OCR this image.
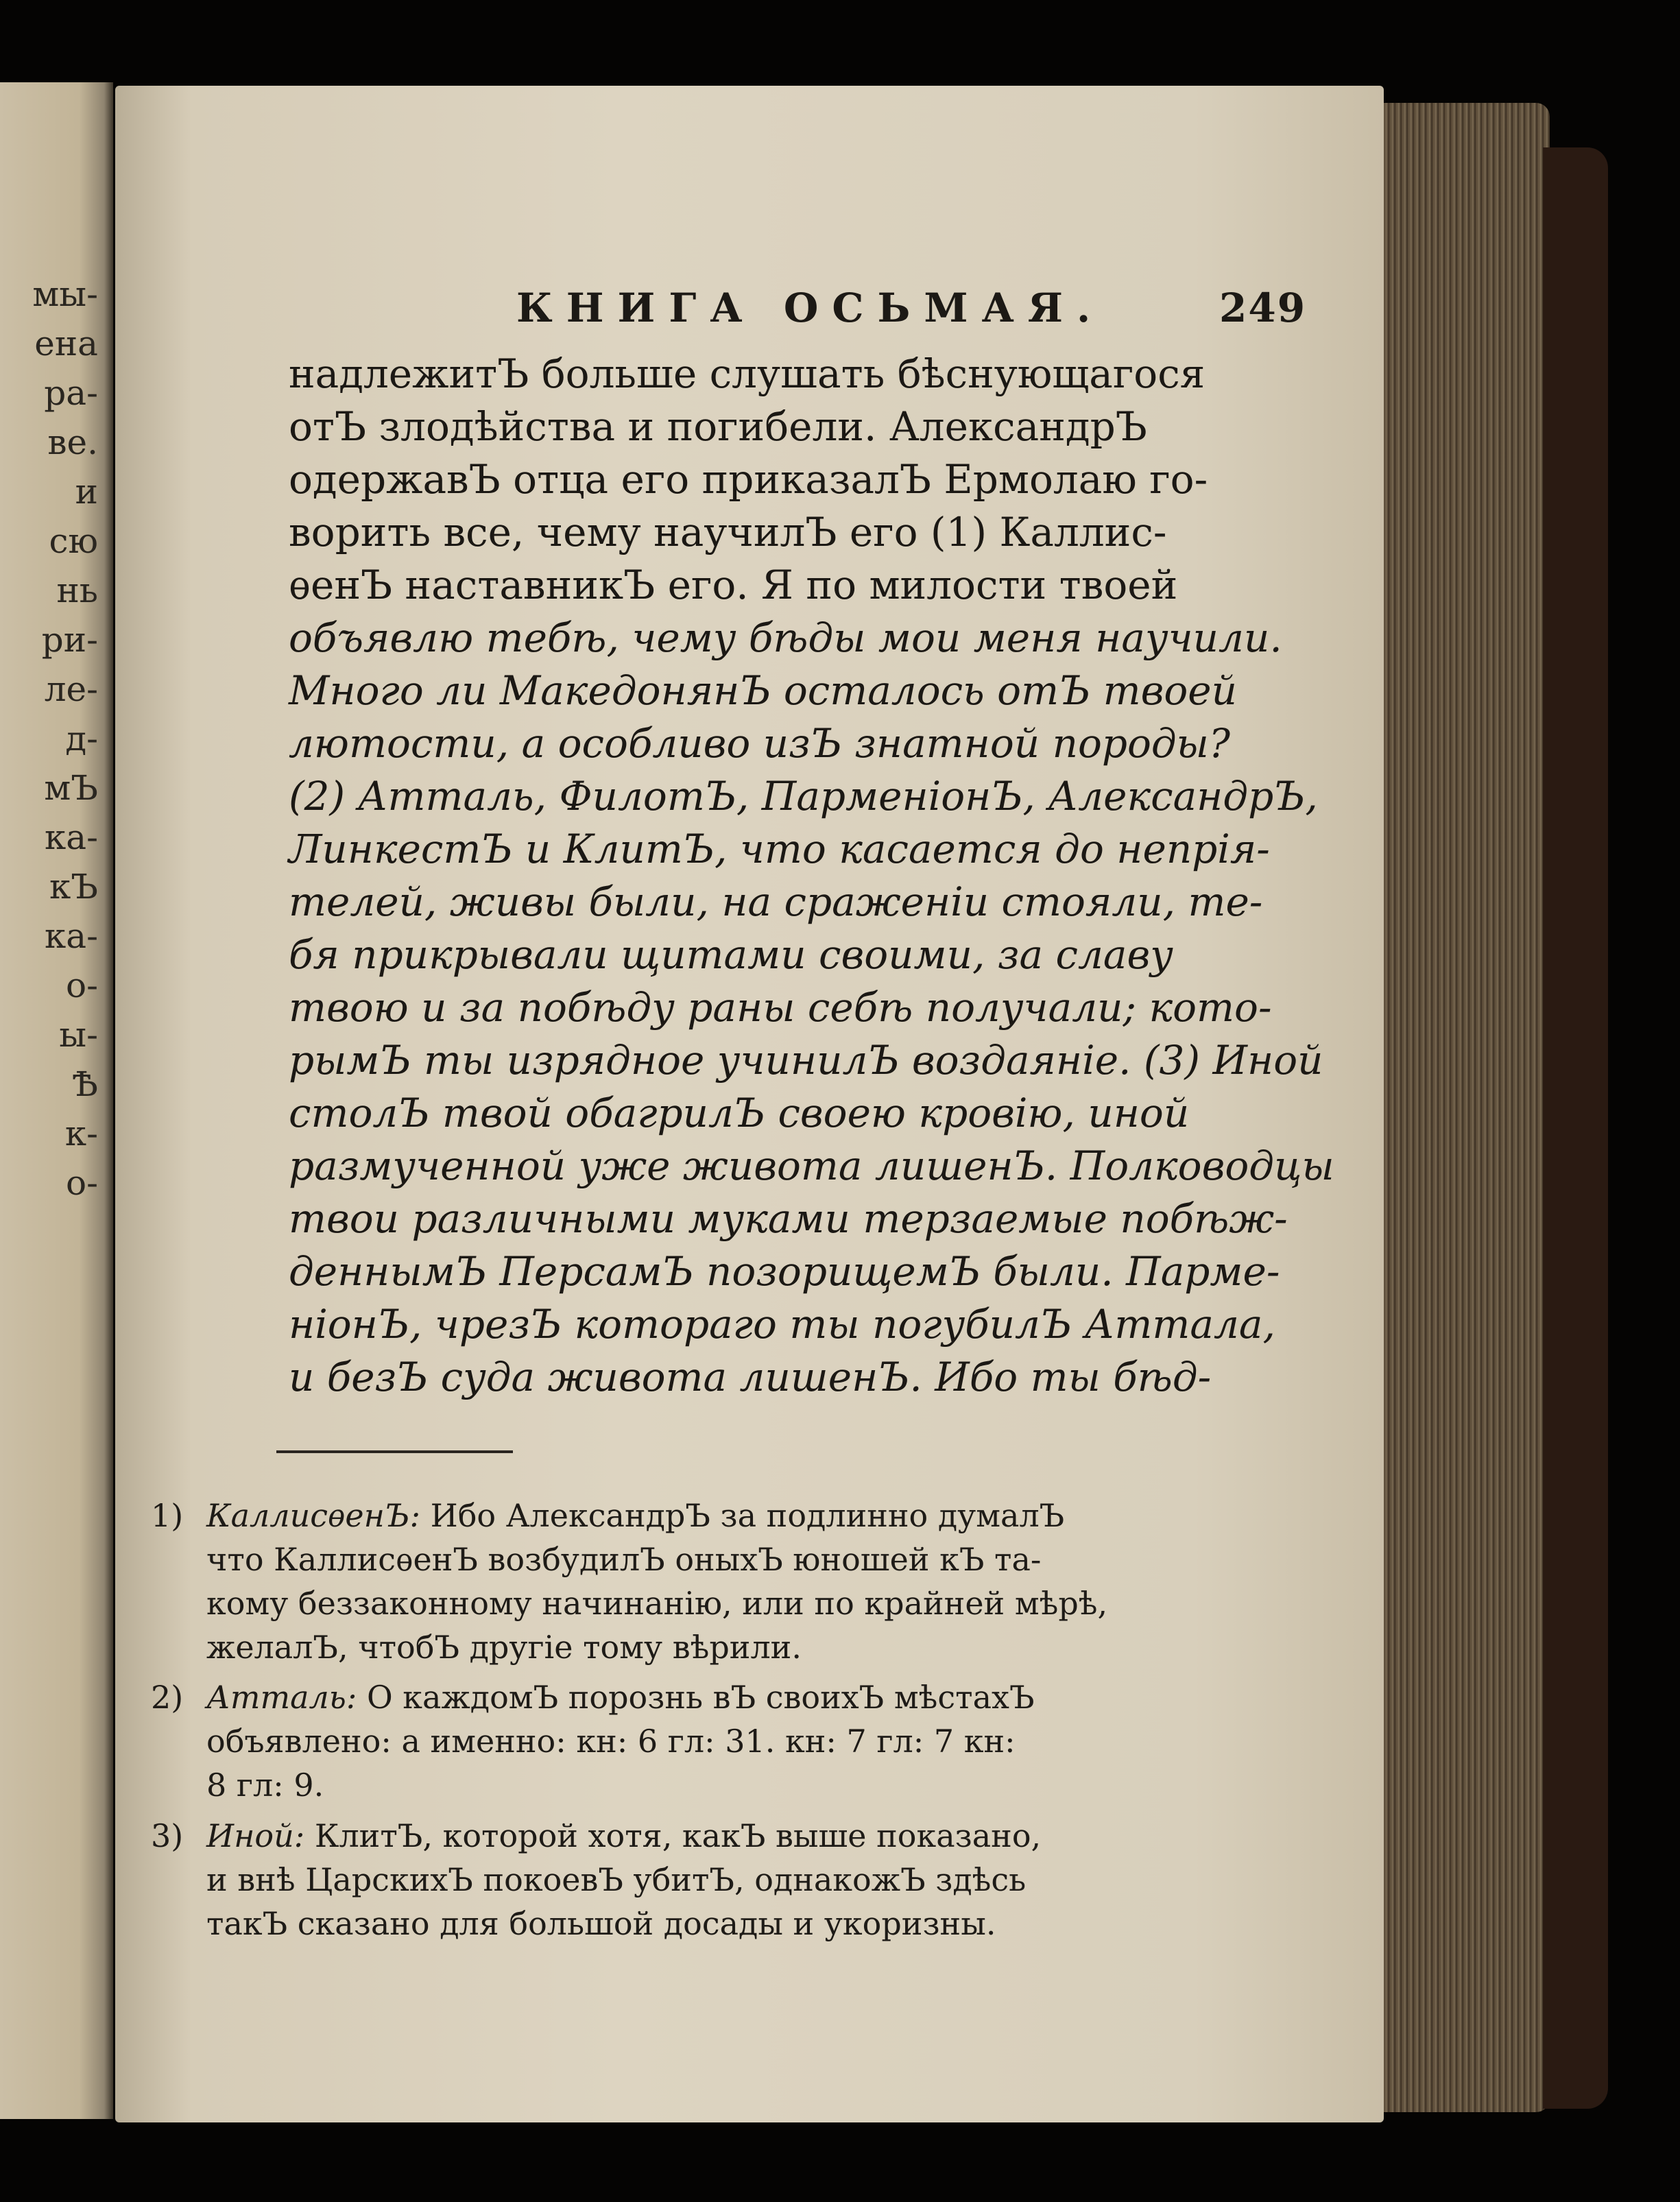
мы-
ена
ра-
ве.
и
сю
нь
ри-
ле-
д-
мЪ
ка-
кЪ
ка-
о-
ы-
Ѣ
к-
о-
КНИГА ОСЬМАЯ.	249
надлежитЪ больше слушать бѣснующагося
отЪ злодѣйства и погибели. АлександрЪ
одержавЪ отца его приказалЪ Ермолаю го-
ворить все, чему научилЪ его (1) Каллис-
ѳенЪ наставникЪ его. Я по милости твоей
объявлю тебѣ, чему бѣды мои меня научили.
Много ли МакедонянЪ осталось отЪ твоей
лютости, а особливо изЪ знатной породы?
(2) Атталь, ФилотЪ, ПарменіонЪ, АлександрЪ,
ЛинкестЪ и КлитЪ, что касается до непрія-
телей, живы были, на сраженіи стояли, те-
бя прикрывали щитами своими, за славу
твою и за побѣду раны себѣ получали; кото-
рымЪ ты изрядное учинилЪ воздаяніе. (3) Иной
столЪ твой обагрилЪ своею кровію, иной
размученной уже живота лишенЪ. Полководцы
твои различными муками терзаемые побѣж-
деннымЪ ПерсамЪ позорищемЪ были. Парме-
ніонЪ, чрезЪ котораго ты погубилЪ Аттала,
и безЪ суда живота лишенЪ. Ибо ты бѣд-
1) КаллисѳенЪ: Ибо АлександрЪ за подлинно думалЪ
что КаллисѳенЪ возбудилЪ оныхЪ юношей кЪ та-
кому беззаконному начинанію, или по крайней мѣрѣ,
желалЪ, чтобЪ другіе тому вѣрили.
2) Атталь: О каждомЪ порознь вЪ своихЪ мѣстахЪ
объявлено: а именно: кн: 6 гл: 31. кн: 7 гл: 7 кн:
8 гл: 9.
3) Иной: КлитЪ, которой хотя, какЪ выше показано,
и внѣ ЦарскихЪ покоевЪ убитЪ, однакожЪ здѣсь
такЪ сказано для большой досады и укоризны.
